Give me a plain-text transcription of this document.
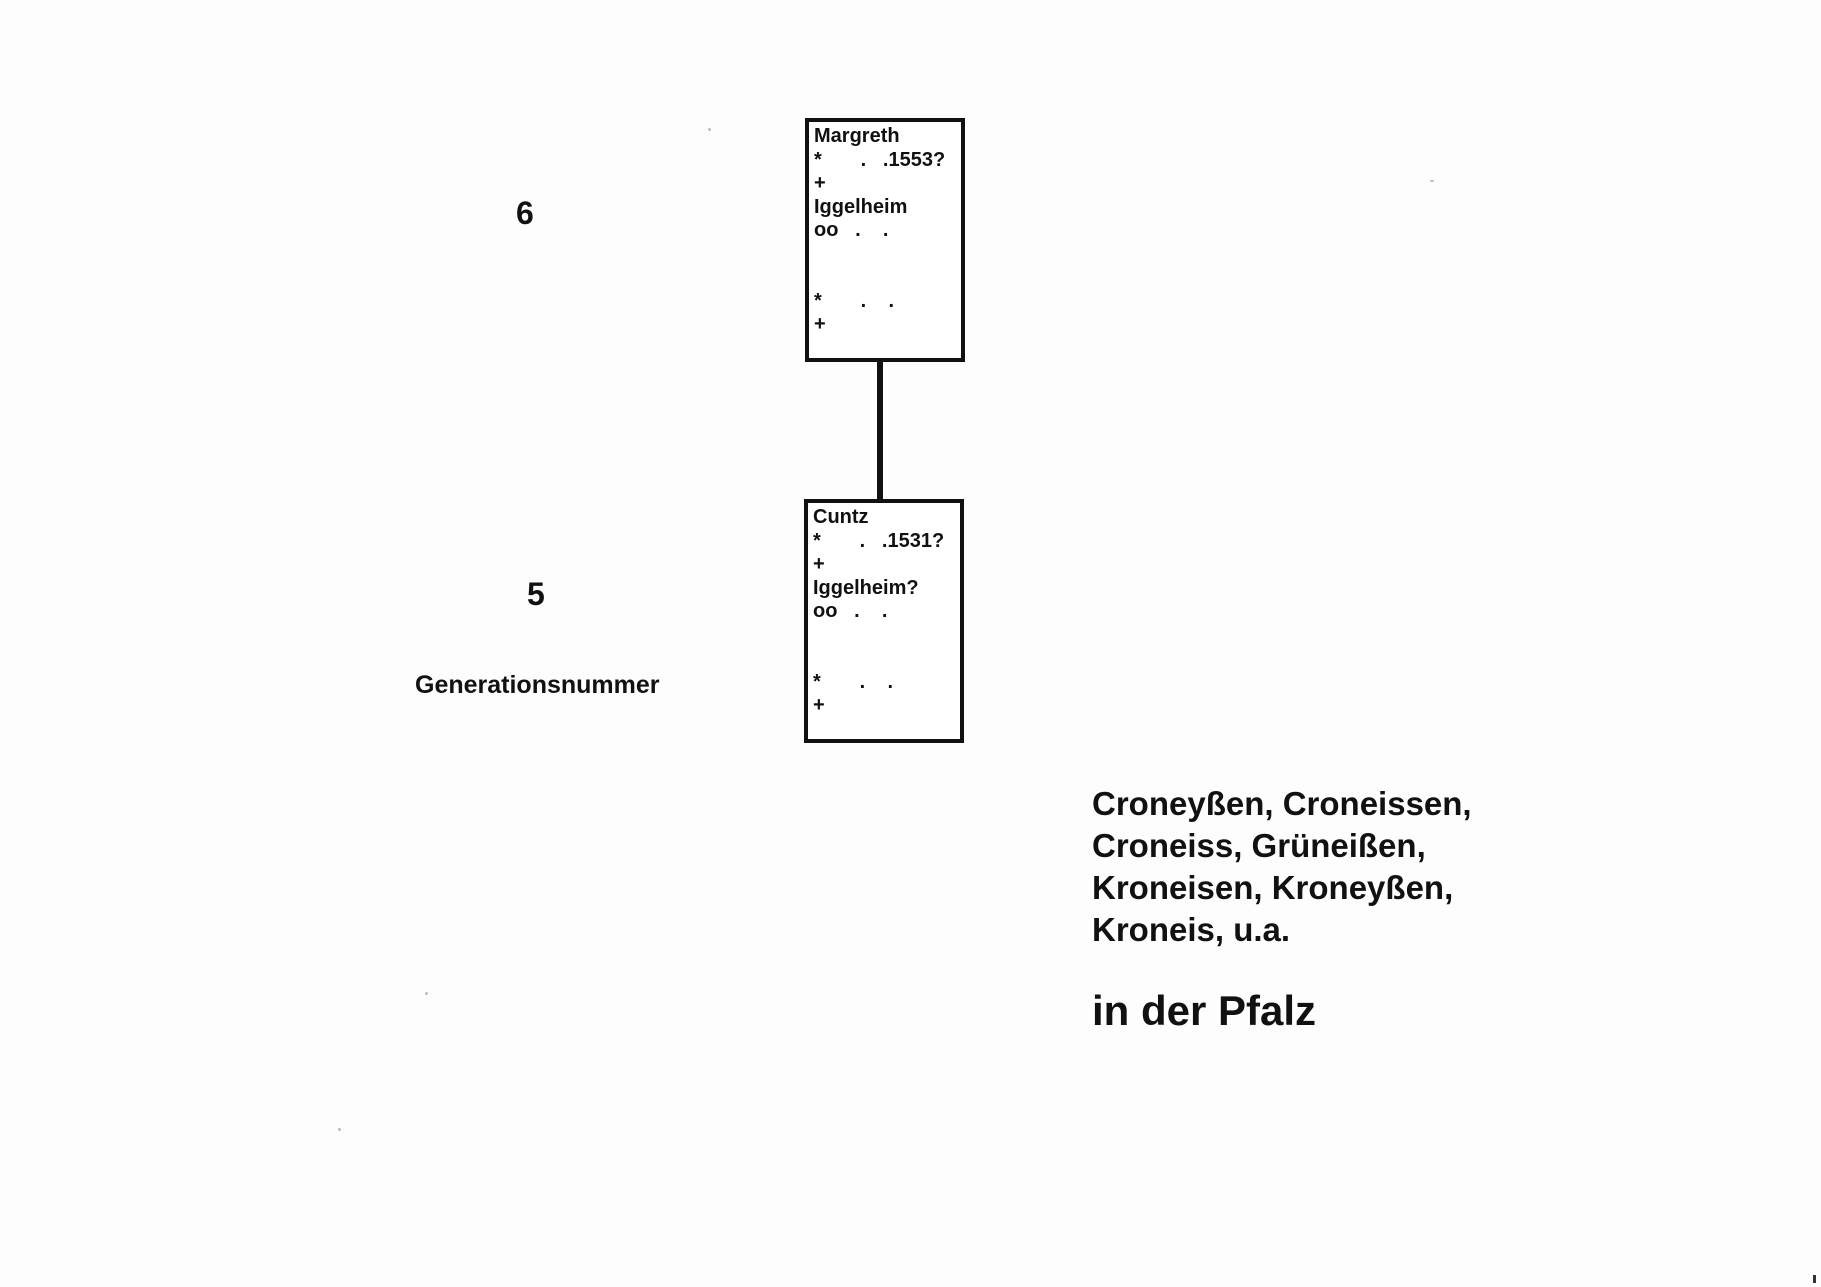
6
5
Generationsnummer
Margreth
*       .   .1553?
+
Iggelheim
oo   .    .
*       .    .
+
Cuntz
*       .   .1531?
+
Iggelheim?
oo   .    .
*       .    .
+
Croneyßen, Croneissen,
Croneiss, Grüneißen,
Kroneisen, Kroneyßen,
Kroneis, u.a.
in der Pfalz
